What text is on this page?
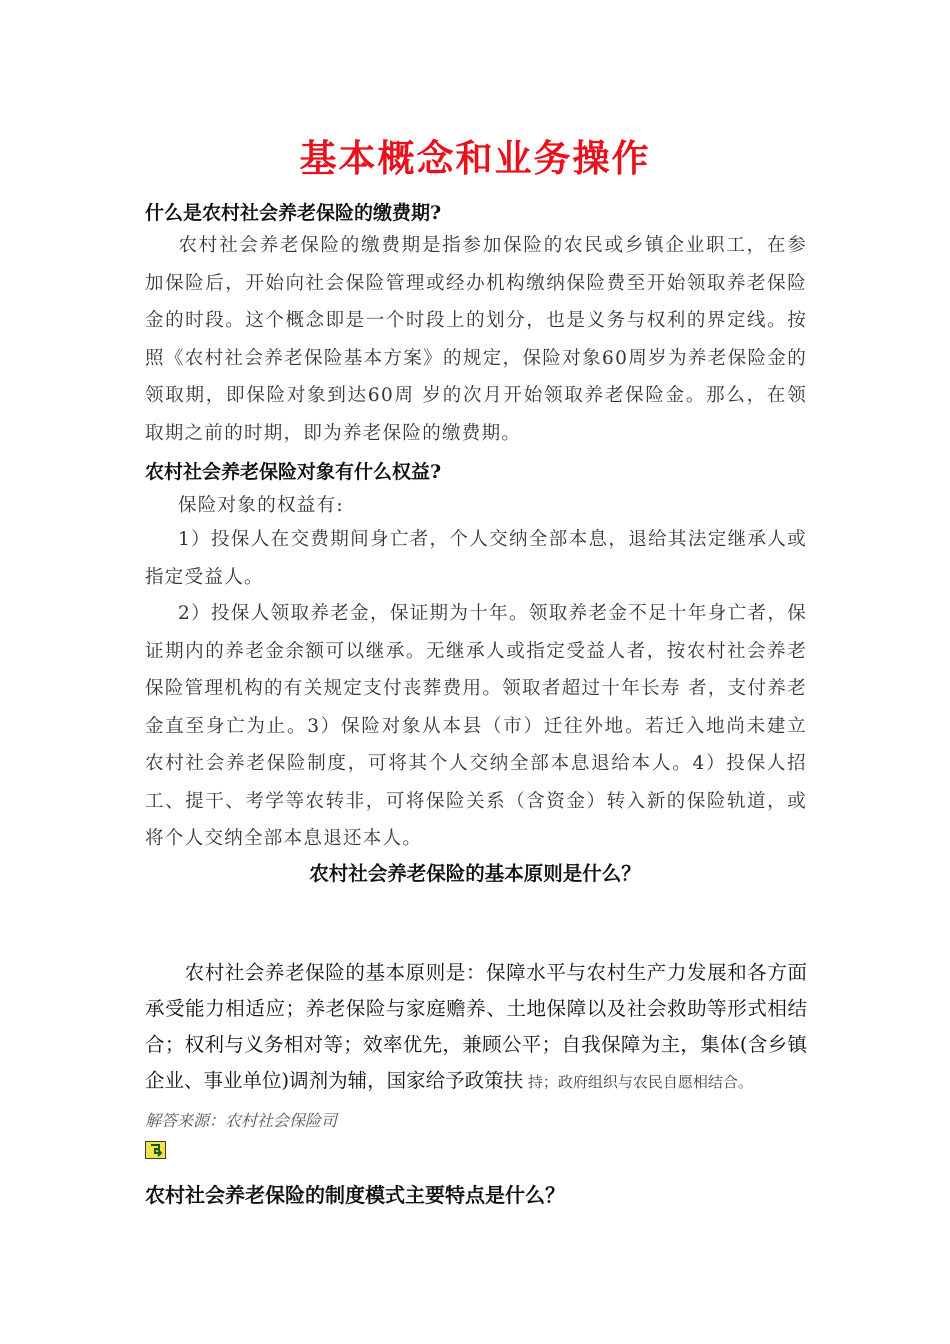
基本概念和业务操作
什么是农村社会养老保险的缴费期?
农村社会养老保险的缴费期是指参加保险的农民或乡镇企业职工，在参加保险后，开始向社会保险管理或经办机构缴纳保险费至开始领取养老保险金的时段。这个概念即是一个时段上的划分，也是义务与权利的界定线。按照《农村社会养老保险基本方案》的规定，保险对象60周岁为养老保险金的领取期，即保险对象到达60周 岁的次月开始领取养老保险金。那么，在领取期之前的时期，即为养老保险的缴费期。
农村社会养老保险对象有什么权益?
保险对象的权益有:
1）投保人在交费期间身亡者，个人交纳全部本息，退给其法定继承人或指定受益人。
2）投保人领取养老金，保证期为十年。领取养老金不足十年身亡者，保证期内的养老金余额可以继承。无继承人或指定受益人者，按农村社会养老保险管理机构的有关规定支付丧葬费用。领取者超过十年长寿 者，支付养老金直至身亡为止。3）保险对象从本县（市）迁往外地。若迁入地尚未建立农村社会养老保险制度，可将其个人交纳全部本息退给本人。4）投保人招工、提干、考学等农转非，可将保险关系（含资金）转入新的保险轨道，或将个人交纳全部本息退还本人。
农村社会养老保险的基本原则是什么？
农村社会养老保险的基本原则是：保障水平与农村生产力发展和各方面承受能力相适应；养老保险与家庭赡养、土地保障以及社会救助等形式相结合；权利与义务相对等；效率优先，兼顾公平；自我保障为主，集体(含乡镇企业、事业单位)调剂为辅，国家给予政策扶 持；政府组织与农民自愿相结合。
解答来源：农村社会保险司
农村社会养老保险的制度模式主要特点是什么？
